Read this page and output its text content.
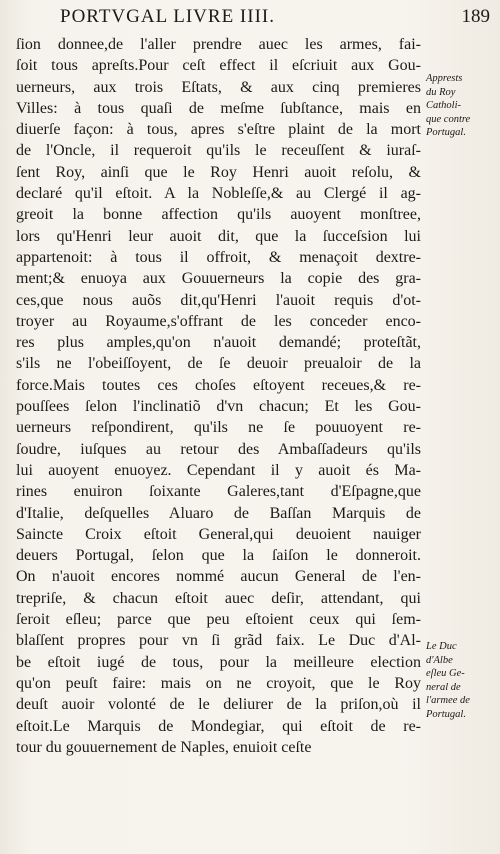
PORTVGAL LIVRE IIII.	189
ſion donnee,de l'aller prendre auec les armes, fai-
ſoit tous apreſts.Pour ceſt effect il eſcriuit aux Gou-
uerneurs, aux trois Eſtats, & aux cinq premieres
Villes: à tous quaſi de meſme ſubſtance, mais en
diuerſe façon: à tous, apres s'eſtre plaint de la mort
de l'Oncle, il requeroit qu'ils le receuſſent & iuraſ-
ſent Roy, ainſi que le Roy Henri auoit reſolu, &
declaré qu'il eſtoit. A la Nobleſſe,& au Clergé il ag-
greoit la bonne affection qu'ils auoyent monſtree,
lors qu'Henri leur auoit dit, que la ſucceſsion lui
appartenoit: à tous il offroit, & menaçoit dextre-
ment;& enuoya aux Gouuerneurs la copie des gra-
ces,que nous auõs dit,qu'Henri l'auoit requis d'ot-
troyer au Royaume,s'offrant de les conceder enco-
res plus amples,qu'on n'auoit demandé; proteſtãt,
s'ils ne l'obeiſſoyent, de ſe deuoir preualoir de la
force.Mais toutes ces choſes eſtoyent receues,& re-
pouſſees ſelon l'inclinatiõ d'vn chacun; Et les Gou-
uerneurs reſpondirent, qu'ils ne ſe pouuoyent re-
ſoudre, iuſques au retour des Ambaſſadeurs qu'ils
lui auoyent enuoyez. Cependant il y auoit és Ma-
rines enuiron ſoixante Galeres,tant d'Eſpagne,que
d'Italie, deſquelles Aluaro de Baſſan Marquis de
Saincte Croix eſtoit General,qui deuoient nauiger
deuers Portugal, ſelon que la ſaiſon le donneroit.
On n'auoit encores nommé aucun General de l'en-
trepriſe, & chacun eſtoit auec deſir, attendant, qui
ſeroit eſleu; parce que peu eſtoient ceux qui ſem-
blaſſent propres pour vn ſi grãd faix. Le Duc d'Al-
be eſtoit iugé de tous, pour la meilleure election
qu'on peuſt faire: mais on ne croyoit, que le Roy
deuſt auoir volonté de le deliurer de la priſon,où il
eſtoit.Le Marquis de Mondegiar, qui eſtoit de re-
tour du gouuernement de Naples, enuioit ceſte
Apprests
du Roy
Catholi-
que contre
Portugal.
Le Duc
d'Albe
eſleu Ge-
neral de
l'armee de
Portugal.
